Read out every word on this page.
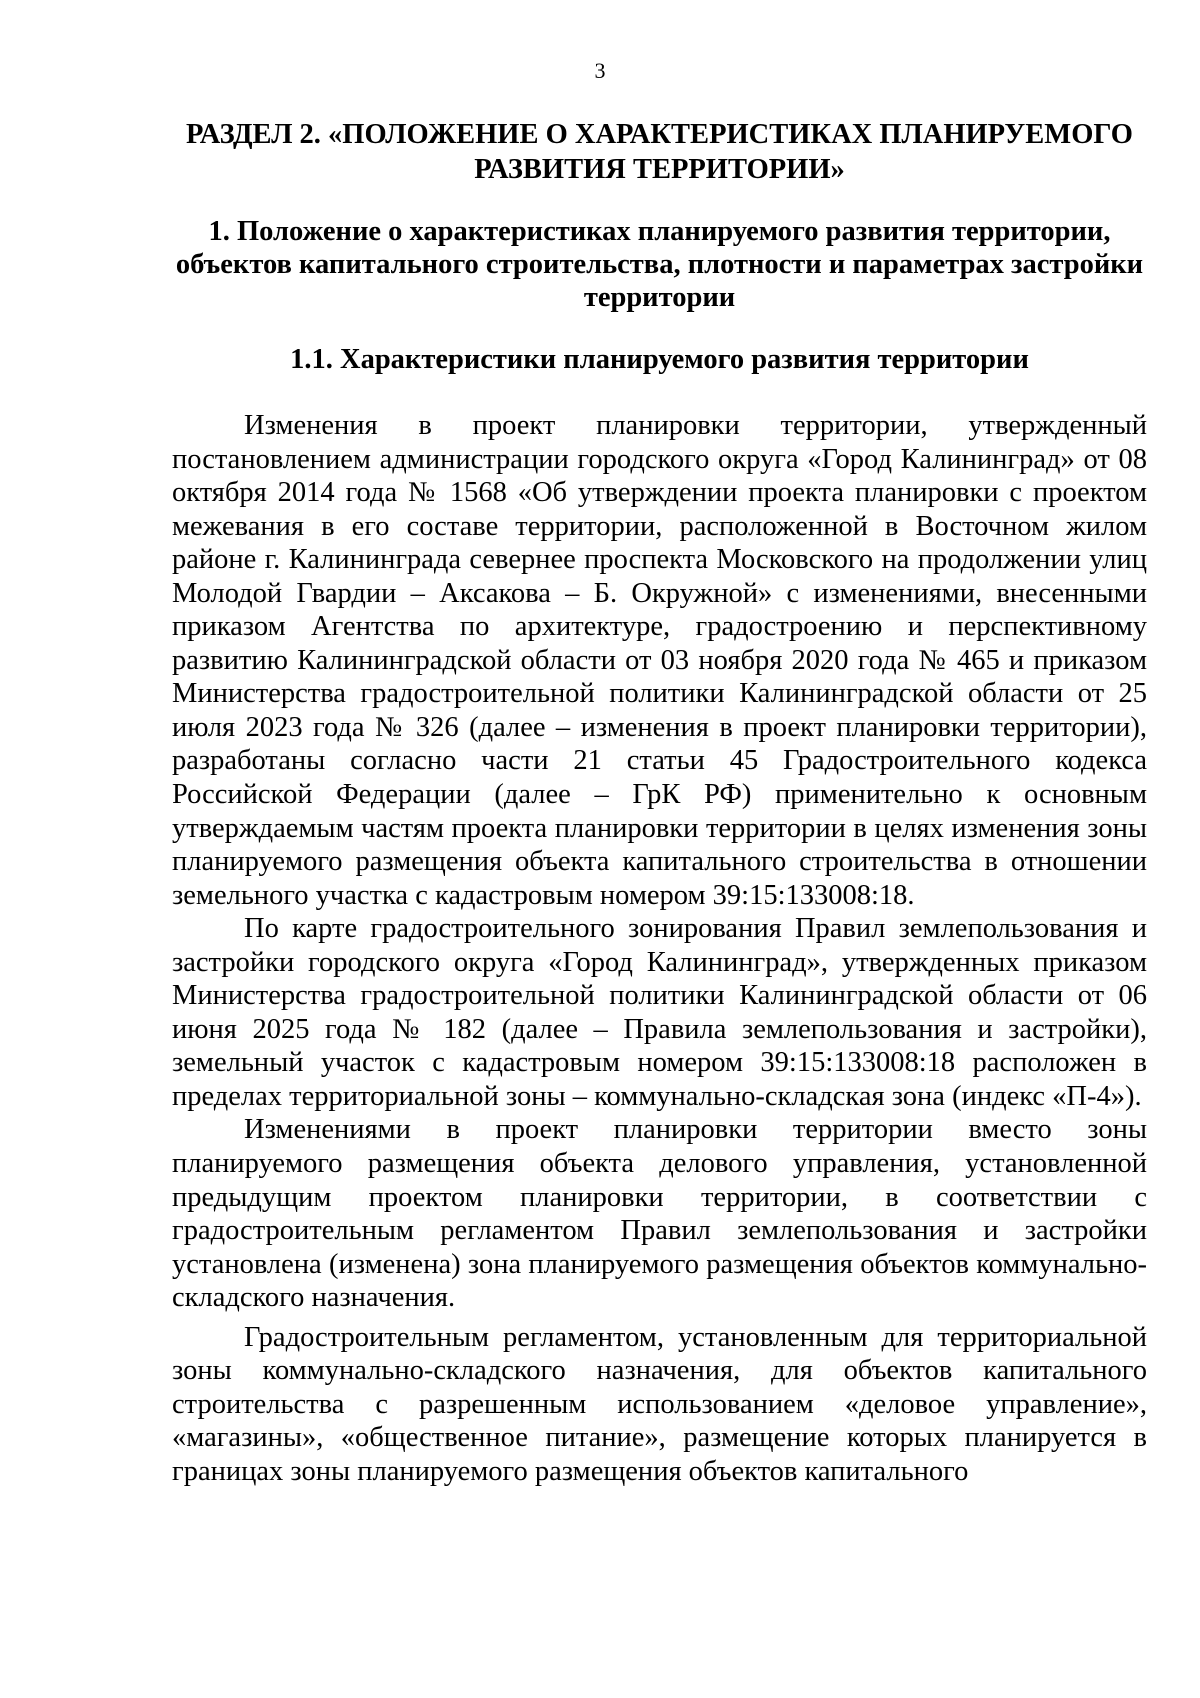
3
РАЗДЕЛ 2. «ПОЛОЖЕНИЕ О ХАРАКТЕРИСТИКАХ ПЛАНИРУЕМОГО РАЗВИТИЯ ТЕРРИТОРИИ»
1. Положение о характеристиках планируемого развития территории, объектов капитального строительства, плотности и параметрах застройки территории
1.1. Характеристики планируемого развития территории

Изменения в проект планировки территории, утвержденный постановлением администрации городского округа «Город Калининград» от 08 октября 2014 года № 1568 «Об утверждении проекта планировки с проектом межевания в его составе территории, расположенной в Восточном жилом районе г. Калининграда севернее проспекта Московского на продолжении улиц Молодой Гвардии – Аксакова – Б. Окружной» с изменениями, внесенными приказом Агентства по архитектуре, градостроению и перспективному развитию Калининградской области от 03 ноября 2020 года № 465 и приказом Министерства градостроительной политики Калининградской области от 25 июля 2023 года № 326 (далее – изменения в проект планировки территории), разработаны согласно части 21 статьи 45 Градостроительного кодекса Российской Федерации (далее – ГрК РФ) применительно к основным утверждаемым частям проекта планировки территории в целях изменения зоны планируемого размещения объекта капитального строительства в отношении земельного участка с кадастровым номером 39:15:133008:18.

По карте градостроительного зонирования Правил землепользования и застройки городского округа «Город Калининград», утвержденных приказом Министерства градостроительной политики Калининградской области от 06 июня 2025 года № 182 (далее – Правила землепользования и застройки), земельный участок с кадастровым номером 39:15:133008:18 расположен в пределах территориальной зоны – коммунально-складская зона (индекс «П-4»).

Изменениями в проект планировки территории вместо зоны планируемого размещения объекта делового управления, установленной предыдущим проектом планировки территории, в соответствии с градостроительным регламентом Правил землепользования и застройки установлена (изменена) зона планируемого размещения объектов коммунально-складского назначения.

Градостроительным регламентом, установленным для территориальной зоны коммунально-складского назначения, для объектов капитального строительства с разрешенным использованием «деловое управление», «магазины», «общественное питание», размещение которых планируется в границах зоны планируемого размещения объектов капитального
